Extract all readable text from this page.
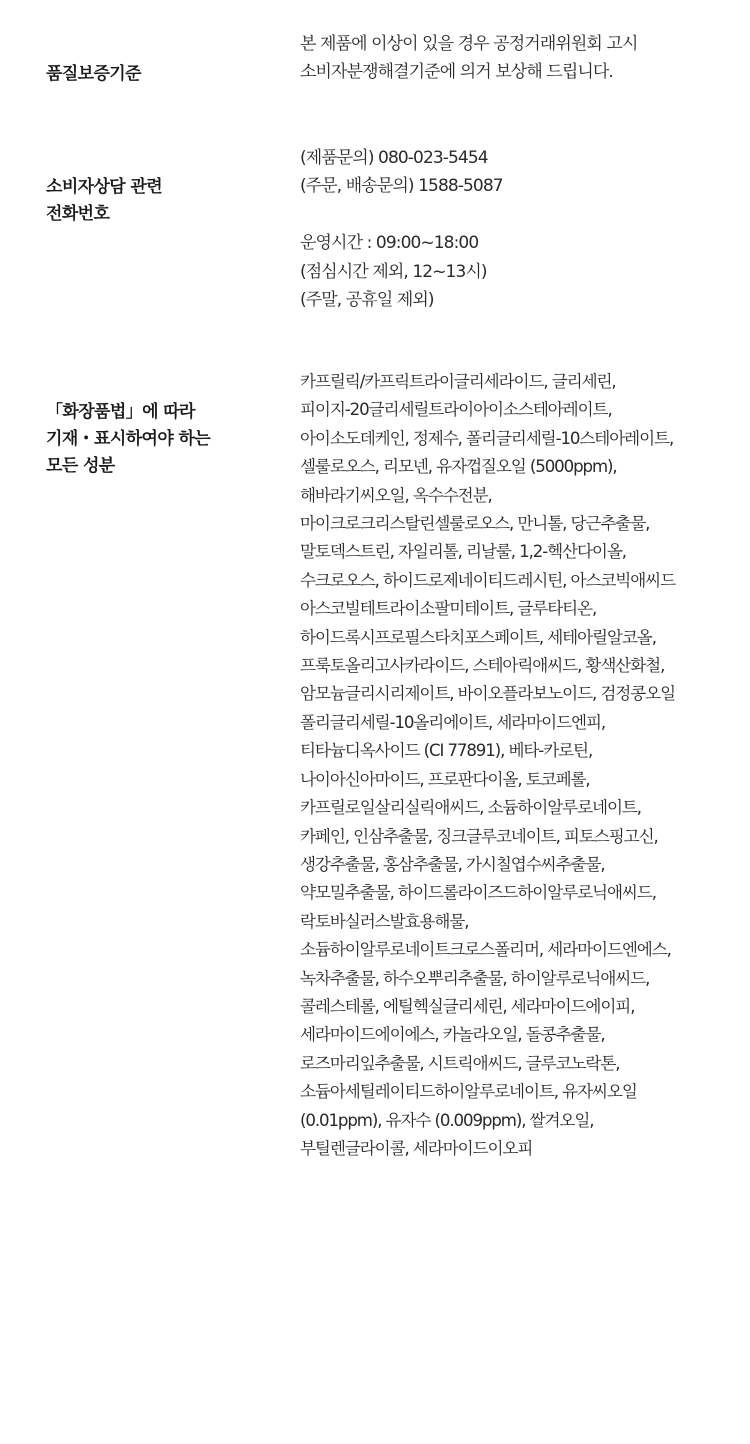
품질보증기준
본 제품에 이상이 있을 경우 공정거래위원회 고시
소비자분쟁해결기준에 의거 보상해 드립니다.
소비자상담 관련
전화번호
(제품문의) 080-023-5454
(주문, 배송문의) 1588-5087
운영시간 : 09:00~18:00
(점심시간 제외, 12~13시)
(주말, 공휴일 제외)
「화장품법」에 따라
기재・표시하여야 하는
모든 성분
카프릴릭/카프릭트라이글리세라이드, 글리세린,
피이지-20글리세릴트라이아이소스테아레이트,
아이소도데케인, 정제수, 폴리글리세릴-10스테아레이트,
셀룰로오스, 리모넨, 유자껍질오일 (5000ppm),
해바라기씨오일, 옥수수전분,
마이크로크리스탈린셀룰로오스, 만니톨, 당근추출물,
말토덱스트린, 자일리톨, 리날룰, 1,2-헥산다이올,
수크로오스, 하이드로제네이티드레시틴, 아스코빅애씨드
아스코빌테트라이소팔미테이트, 글루타티온,
하이드록시프로필스타치포스페이트, 세테아릴알코올,
프룩토올리고사카라이드, 스테아릭애씨드, 황색산화철,
암모늄글리시리제이트, 바이오플라보노이드, 검정콩오일
폴리글리세릴-10올리에이트, 세라마이드엔피,
티타늄디옥사이드 (CI 77891), 베타-카로틴,
나이아신아마이드, 프로판다이올, 토코페롤,
카프릴로일살리실릭애씨드, 소듐하이알루로네이트,
카페인, 인삼추출물, 징크글루코네이트, 피토스핑고신,
생강추출물, 홍삼추출물, 가시칠엽수씨추출물,
약모밀추출물, 하이드롤라이즈드하이알루로닉애씨드,
락토바실러스발효용해물,
소듐하이알루로네이트크로스폴리머, 세라마이드엔에스,
녹차추출물, 하수오뿌리추출물, 하이알루로닉애씨드,
콜레스테롤, 에틸헥실글리세린, 세라마이드에이피,
세라마이드에이에스, 카놀라오일, 돌콩추출물,
로즈마리잎추출물, 시트릭애씨드, 글루코노락톤,
소듐아세틸레이티드하이알루로네이트, 유자씨오일
(0.01ppm), 유자수 (0.009ppm), 쌀겨오일,
부틸렌글라이콜, 세라마이드이오피
